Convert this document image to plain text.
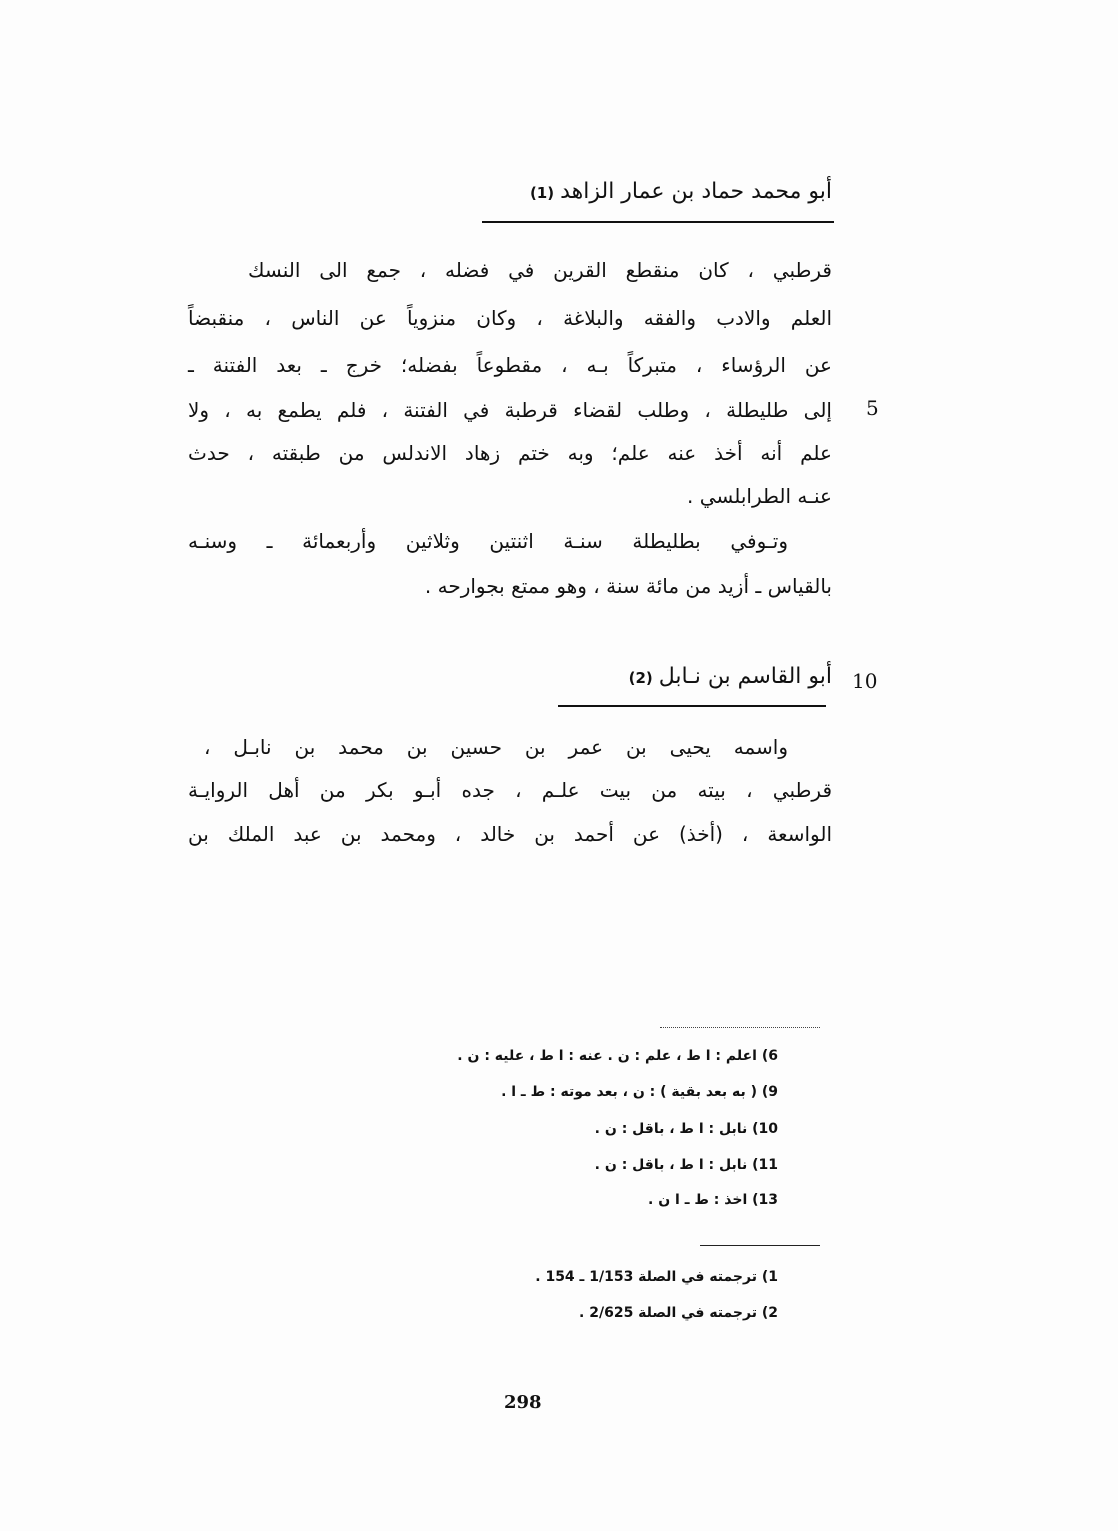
أبو محمد حماد بن عمار الزاهد(1)
قرطبي ، كان منقطع القرين في فضله ، جمع الى النسك
العلم والادب والفقه والبلاغة ، وكان منزوياً عن الناس ، منقبضاً
عن الرؤساء ، متبركاً بـه ، مقطوعاً بفضله؛ خرج ـ بعد الفتنة ـ
إلى طليطلة ، وطلب لقضاء قرطبة في الفتنة ، فلم يطمع به ، ولا
علم أنه أخذ عنه علم؛ وبه ختم زهاد الاندلس من طبقته ، حدث
عنـه الطرابلسي .
وتـوفي بطليطلة سنـة اثنتين وثلاثين وأربعمائة ـ وسنـه
بالقياس ـ أزيد من مائة سنة ، وهو ممتع بجوارحه .
5
أبو القاسم بن نـابل(2)	10
واسمه يحيى بن عمر بن حسين بن محمد بن نابـل ،
قرطبي ، بيته من بيت علـم ، جده أبـو بكر من أهل الروايـة
الواسعة ، (أخذ) عن أحمد بن خالد ، ومحمد بن عبد الملك بن
6) اعلم : ا ط ، علم : ن . عنه : ا ط ، عليه : ن .
9) ( به بعد بقية ) : ن ، بعد موته : ط ـ ا .
10) نابل : ا ط ، باقل : ن .
11) نابل : ا ط ، باقل : ن .
13) اخذ : ط ـ ا ن .
1) ترجمته في الصلة 1/153 ـ 154 .
2) ترجمته في الصلة 2/625 .
298
